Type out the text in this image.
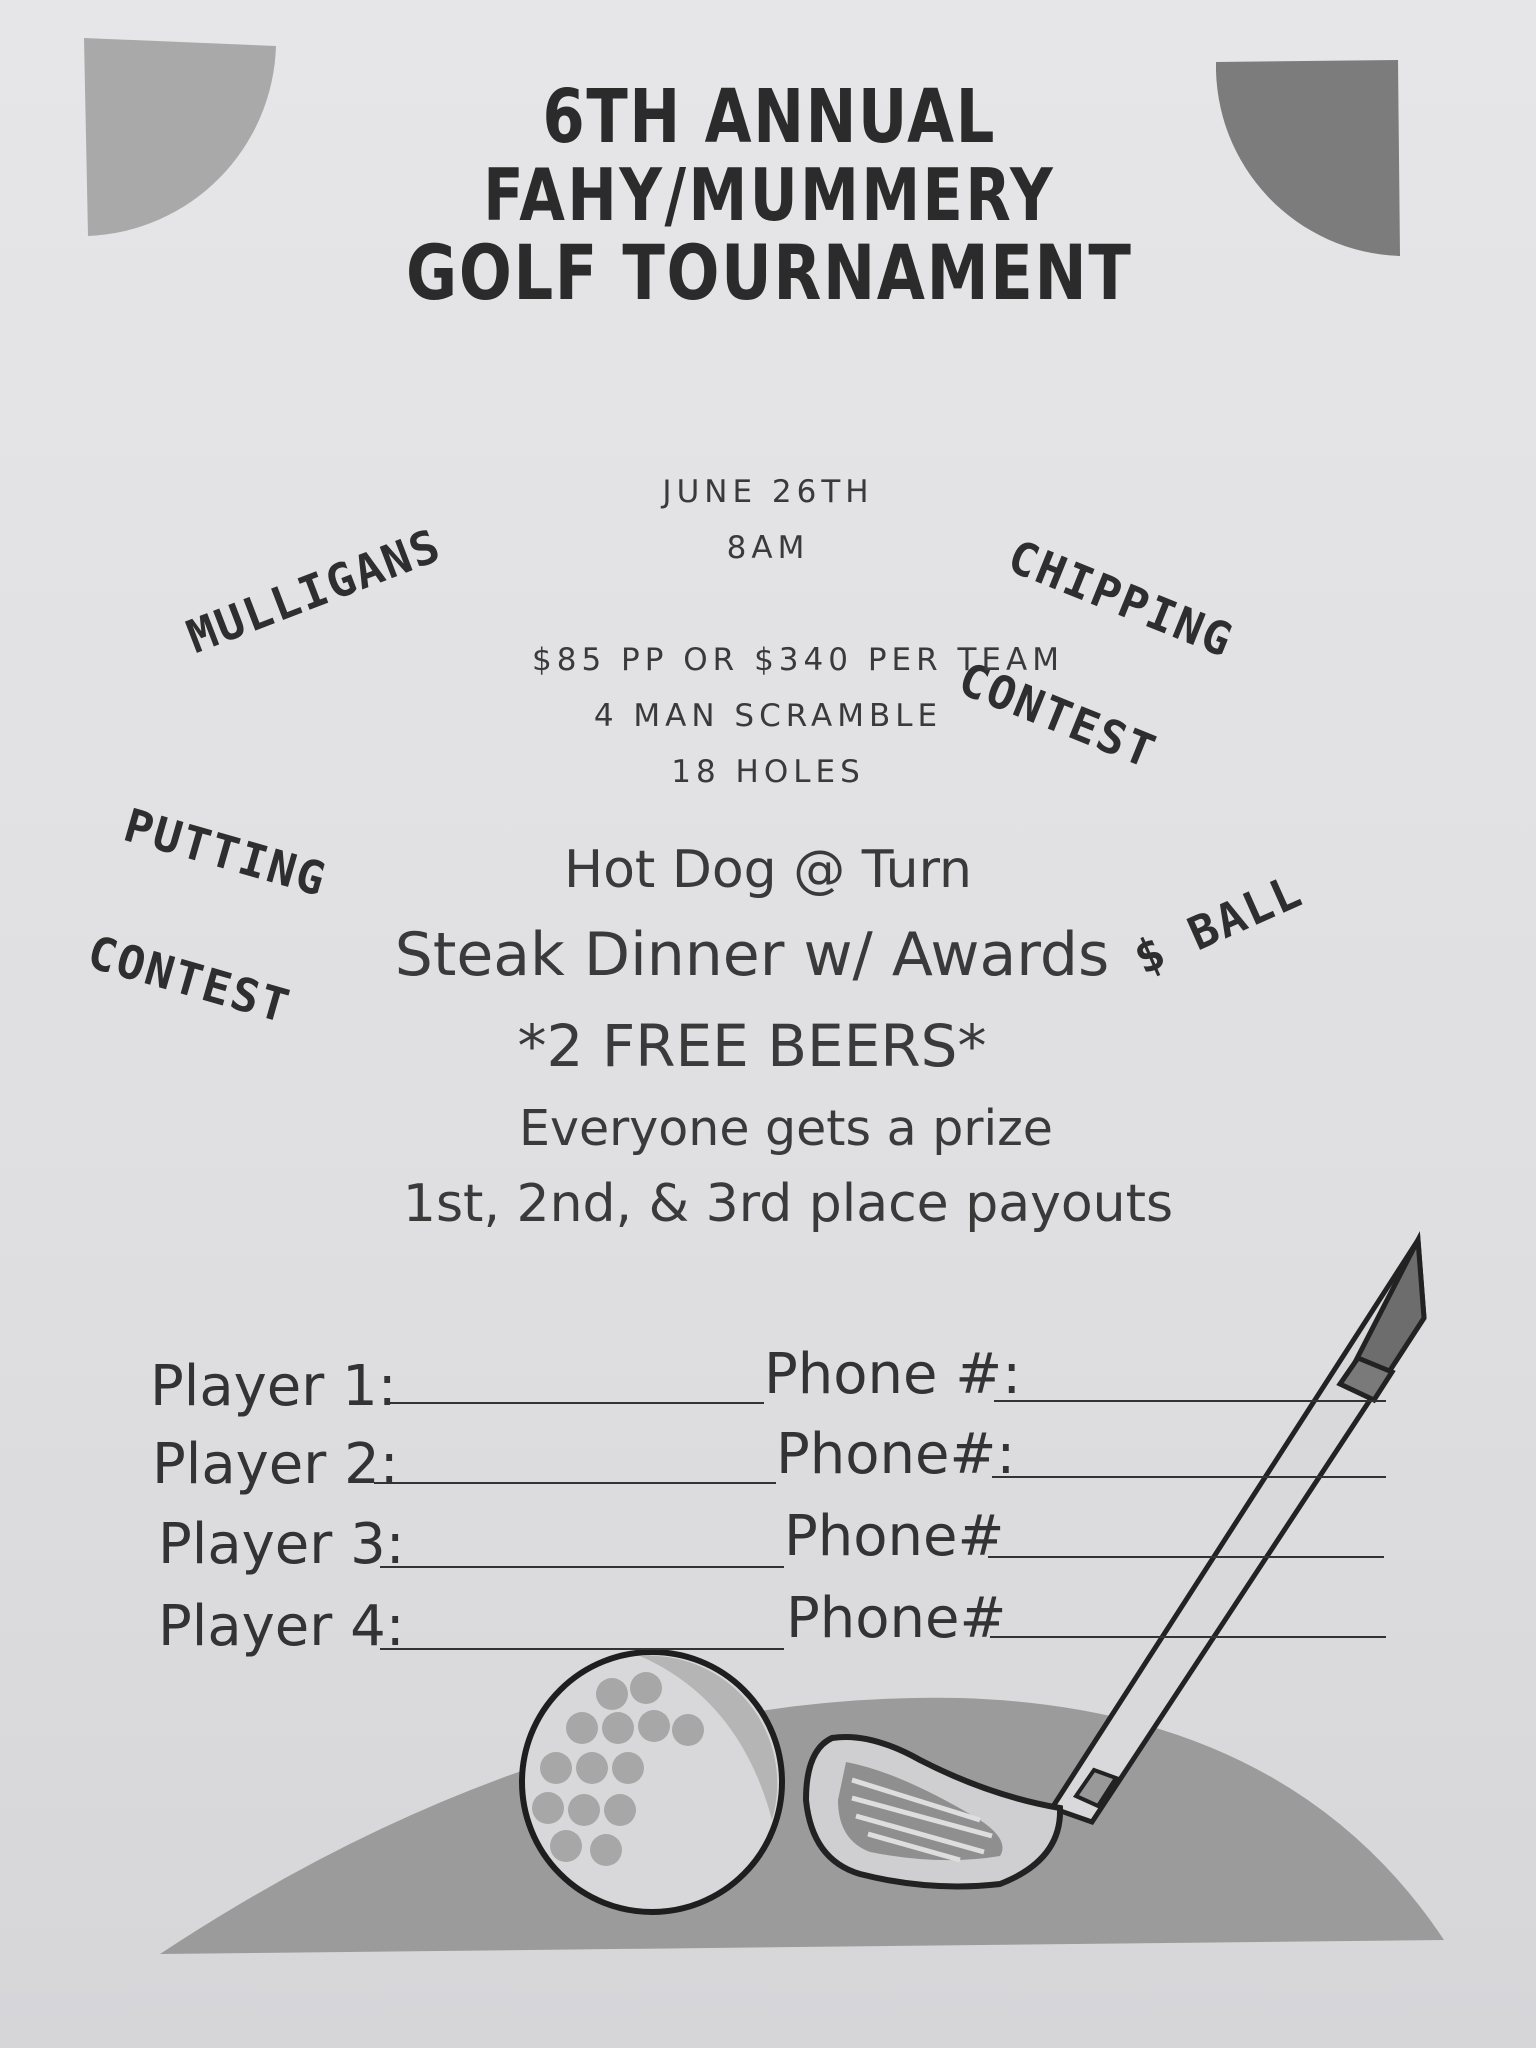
6TH ANNUAL
FAHY/MUMMERY
GOLF TOURNAMENT

MULLIGANS

	CHIPPING

CONTEST

PUTTING

CONTEST

	$ BALL

JUNE 26TH
8AM
$85 PP OR $340 PER TEAM
4 MAN SCRAMBLE
18 HOLES
Hot Dog @ Turn
Steak Dinner w/ Awards
*2 FREE BEERS*
Everyone gets a prize
1st, 2nd, & 3rd place payouts
Player 1:	Phone #:
Player 2:	Phone#:
Player 3:	Phone#
Player 4:	Phone#
